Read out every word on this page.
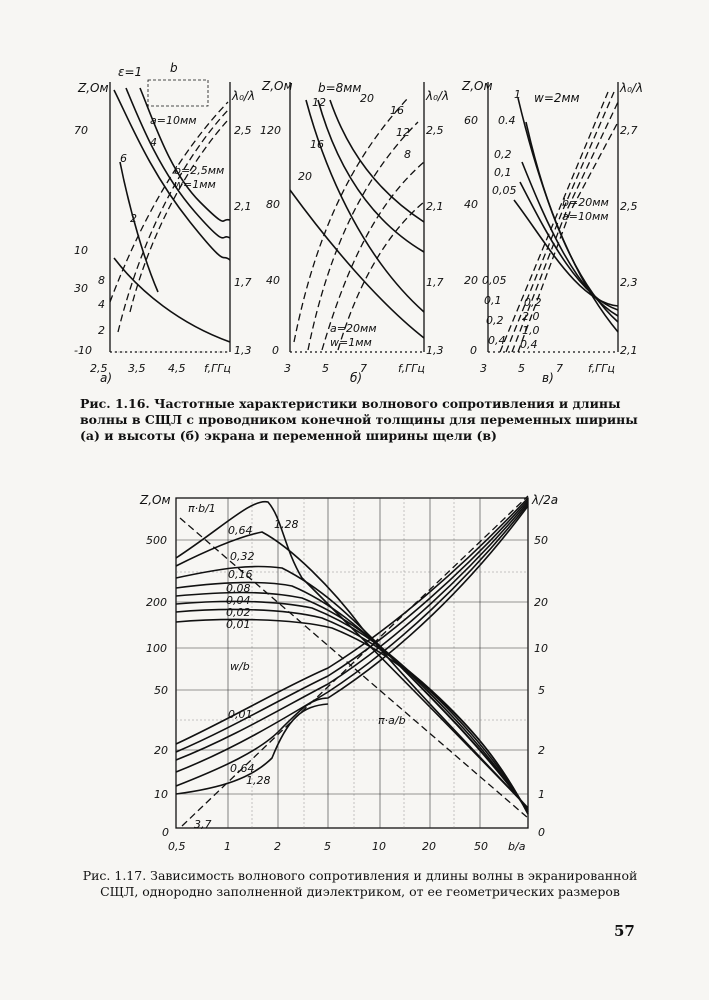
Z,Ом
ε=1 b
λ₀/λ
70
10
30
-10
2,5
2,1
1,7
1,3
2,5 3,5 4,5 f,ГГц
а)
4
8
2
6
2
4
b=2,5мм
w=1мм
a=10мм
Z,Ом
λ₀/λ
b=8мм
120
80
40
0
2,5
2,1
1,7
1,3
3	5	7	f,ГГц
б)
12
16
20
20
16
12
8
a=20мм
w=1мм
Z,Ом	λ₀/λ
w=2мм
60
40
20
0
2,7
2,5
2,3
2,1
3	5	7 f,ГГц
в)
1
0.4
0,2
0,1
0,05
0,05
0,1
0,2
0,4
0,2
2,0
1,0
0,4
b=20мм
a=10мм
Рис. 1.16. Частотные характеристики волнового сопротивления и длины волны в СЩЛ с проводником конечной толщины для переменных ширины (а) и высоты (б) экрана и переменной ширины щели (в)
Z,Ом	λ/2a
500
200
100
50
20
10
0
50
20
10
5
2
1
0
0,5	1	2	5	10	20	50 b/a
π·b/1
π·a/b
w/b
1,28
0,64
0,32
0,16
0,08
0,04
0,02
0,01
0,01
0,64
1,28
3,7
Рис. 1.17. Зависимость волнового сопротивления и длины волны в экранированной СЩЛ, однородно заполненной диэлектриком, от ее геометрических размеров
57
